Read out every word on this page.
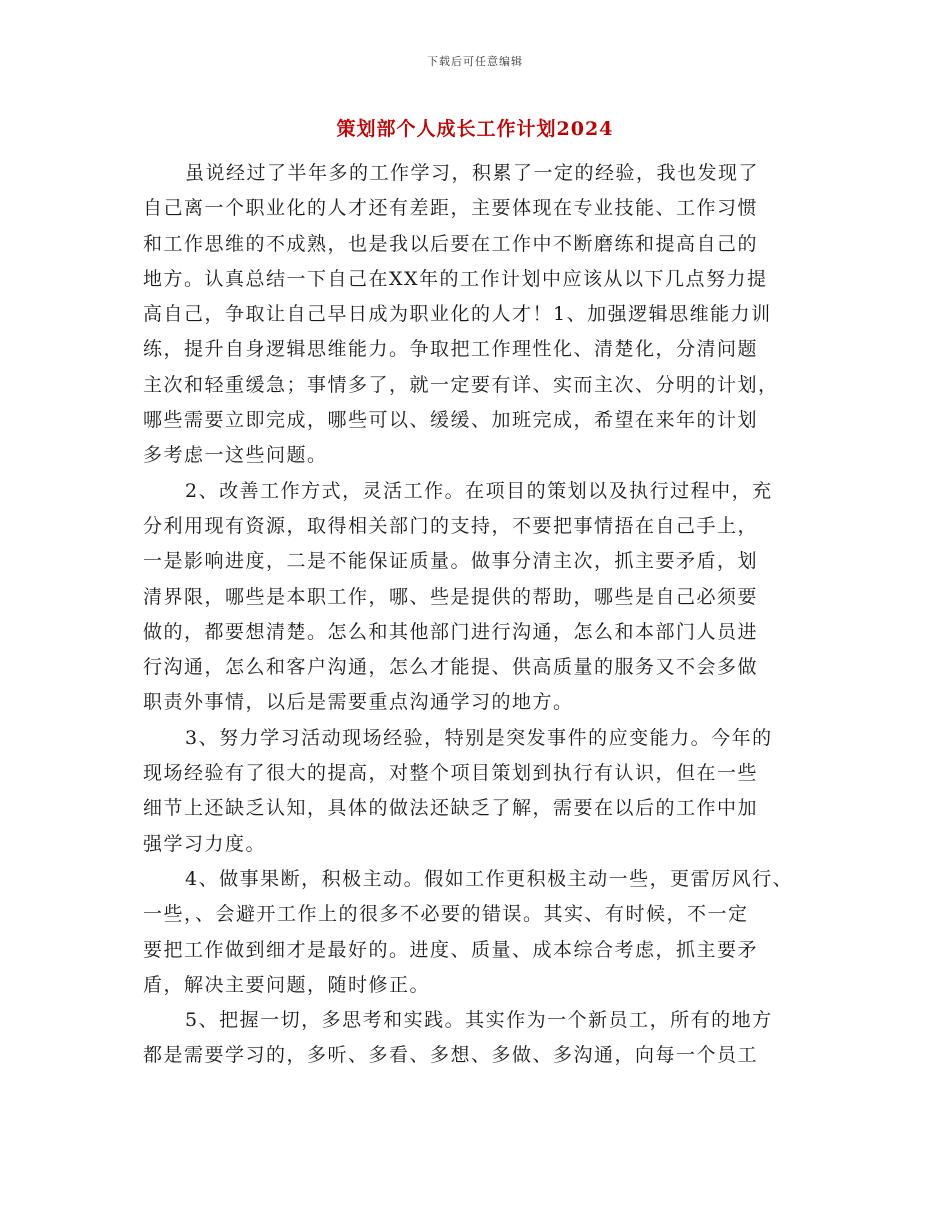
下载后可任意编辑
策划部个人成长工作计划2024
虽说经过了半年多的工作学习，积累了一定的经验，我也发现了
自己离一个职业化的人才还有差距，主要体现在专业技能、工作习惯
和工作思维的不成熟，也是我以后要在工作中不断磨练和提高自己的
地方。认真总结一下自己在XX年的工作计划中应该从以下几点努力提
高自己，争取让自己早日成为职业化的人才！1、加强逻辑思维能力训
练，提升自身逻辑思维能力。争取把工作理性化、清楚化，分清问题
主次和轻重缓急；事情多了，就一定要有详、实而主次、分明的计划，
哪些需要立即完成，哪些可以、缓缓、加班完成，希望在来年的计划
多考虑一这些问题。
2、改善工作方式，灵活工作。在项目的策划以及执行过程中，充
分利用现有资源，取得相关部门的支持，不要把事情捂在自己手上，
一是影响进度，二是不能保证质量。做事分清主次，抓主要矛盾，划
清界限，哪些是本职工作，哪、些是提供的帮助，哪些是自己必须要
做的，都要想清楚。怎么和其他部门进行沟通，怎么和本部门人员进
行沟通，怎么和客户沟通，怎么才能提、供高质量的服务又不会多做
职责外事情，以后是需要重点沟通学习的地方。
3、努力学习活动现场经验，特别是突发事件的应变能力。今年的
现场经验有了很大的提高，对整个项目策划到执行有认识，但在一些
细节上还缺乏认知，具体的做法还缺乏了解，需要在以后的工作中加
强学习力度。
4、做事果断，积极主动。假如工作更积极主动一些，更雷厉风行、
一些，、会避开工作上的很多不必要的错误。其实、有时候，不一定
要把工作做到细才是最好的。进度、质量、成本综合考虑，抓主要矛
盾，解决主要问题，随时修正。
5、把握一切，多思考和实践。其实作为一个新员工，所有的地方
都是需要学习的，多听、多看、多想、多做、多沟通，向每一个员工
